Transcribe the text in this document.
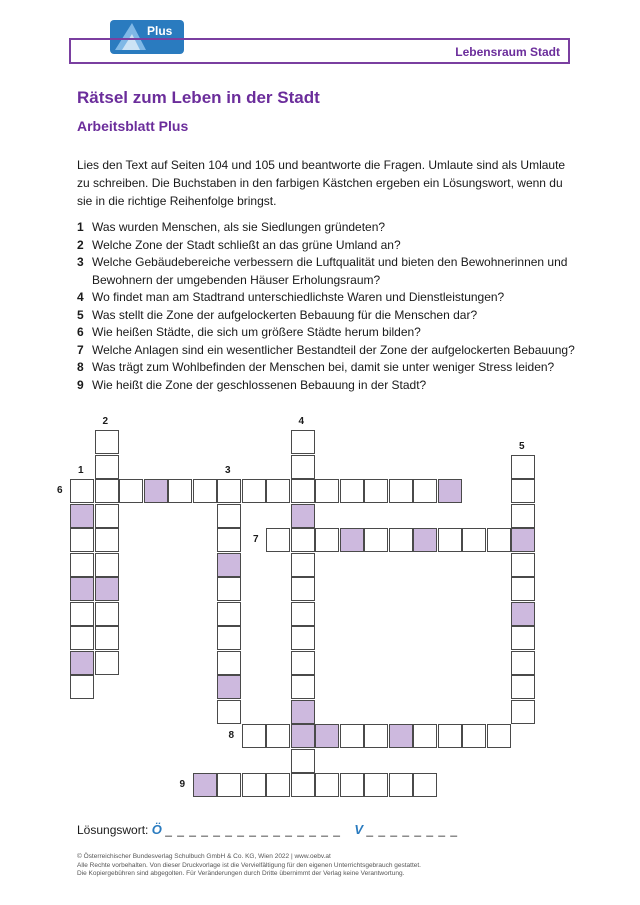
Plus
Lebensraum Stadt
Rätsel zum Leben in der Stadt
Arbeitsblatt Plus

Lies den Text auf Seiten 104 und 105 und beantworte die Fragen. Umlaute sind als Umlaute zu schreiben. Die Buchstaben in den farbigen Kästchen ergeben ein Lösungswort, wenn du sie in die richtige Reihenfolge bringst.

1 Was wurden Menschen, als sie Siedlungen gründeten?
2 Welche Zone der Stadt schließt an das grüne Umland an?
3 Welche Gebäudebereiche verbessern die Luftqualität und bieten den Bewohnerinnen und Bewohnern der umgebenden Häuser Erholungsraum?
4 Wo findet man am Stadtrand unterschiedlichste Waren und Dienstleistungen?
5 Was stellt die Zone der aufgelockerten Bebauung für die Menschen dar?
6 Wie heißen Städte, die sich um größere Städte herum bilden?
7 Welche Anlagen sind ein wesentlicher Bestandteil der Zone der aufgelockerten Bebauung?
8 Was trägt zum Wohlbefinden der Menschen bei, damit sie unter weniger Stress leiden?
9 Wie heißt die Zone der geschlossenen Bebauung in der Stadt?
1
2
3
4
5
6
7
8
9
Lösungswort: Ö _ _ _ _ _ _ _ _ _ _ _ _ _ _ _ V _ _ _ _ _ _ _ _
© Österreichischer Bundesverlag Schulbuch GmbH & Co. KG, Wien 2022 | www.oebv.at
Alle Rechte vorbehalten. Von dieser Druckvorlage ist die Vervielfältigung für den eigenen Unterrichtsgebrauch gestattet.
Die Kopiergebühren sind abgegolten. Für Veränderungen durch Dritte übernimmt der Verlag keine Verantwortung.
